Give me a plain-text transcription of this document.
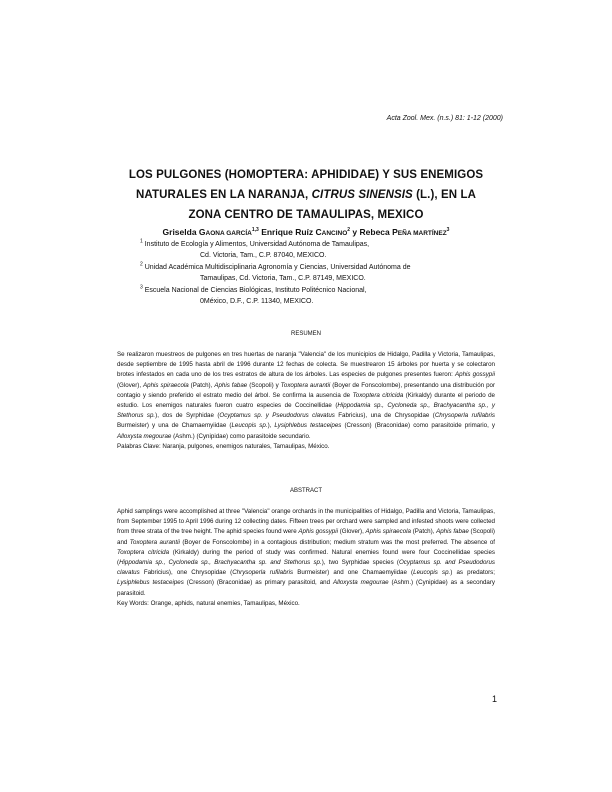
Acta Zool. Mex. (n.s.) 81: 1-12 (2000)
LOS PULGONES (HOMOPTERA: APHIDIDAE) Y SUS ENEMIGOS
NATURALES EN LA NARANJA, CITRUS SINENSIS (L.), EN LA
ZONA CENTRO DE TAMAULIPAS, MEXICO
Griselda GAONA GARCÍA$^{1,3}$ Enrique Ruíz CANCINO$^2$ y Rebeca PEÑA MARTÍNEZ$^3$
$^1$ Instituto de Ecología y Alimentos, Universidad Autónoma de Tamaulipas,
Cd. Victoria, Tam., C.P. 87040, MEXICO.
$^2$ Unidad Académica Multidisciplinaria Agronomía y Ciencias, Universidad Autónoma de
Tamaulipas, Cd. Victoria, Tam., C.P. 87149, MEXICO.
$^3$ Escuela Nacional de Ciencias Biológicas, Instituto Politécnico Nacional,
0México, D.F., C.P. 11340, MEXICO.
RESUMEN

Se realizaron muestreos de pulgones en tres huertas de naranja "Valencia" de los municipios de Hidalgo, Padilla y Victoria, Tamaulipas, desde septiembre de 1995 hasta abril de 1996 durante 12 fechas de colecta. Se muestrearon 15 árboles por huerta y se colectaron brotes infestados en cada uno de los tres estratos de altura de los árboles. Las especies de pulgones presentes fueron: Aphis gossypii (Glover), Aphis spiraecola (Patch), Aphis fabae (Scopoli) y Toxoptera aurantii (Boyer de Fonscolombe), presentando una distribución por contagio y siendo preferido el estrato medio del árbol. Se confirma la ausencia de Toxoptera citricida (Kirkaldy) durante el periodo de estudio. Los enemigos naturales fueron cuatro especies de Coccinellidae (Hippodamia sp., Cycloneda sp., Brachyacantha sp., y Stethorus sp.), dos de Syrphidae (Ocyptamus sp. y Pseudodorus clavatus Fabricius), una de Chrysopidae (Chrysoperla rufilabris Burmeister) y una de Chamaemyiidae (Leucopis sp.), Lysiphlebus testaceipes (Cresson) (Braconidae) como parasitoide primario, y Alloxysta megourae (Ashm.) (Cynipidae) como parasitoide secundario.

Palabras Clave: Naranja, pulgones, enemigos naturales, Tamaulipas, México.

ABSTRACT

Aphid samplings were accomplished at three "Valencia" orange orchards in the municipalities of Hidalgo, Padilla and Victoria, Tamaulipas, from September 1995 to April 1996 during 12 collecting dates. Fifteen trees per orchard were sampled and infested shoots were collected from three strata of the tree height. The aphid species found were Aphis gossypii (Glover), Aphis spiraecola (Patch), Aphis fabae (Scopoli) and Toxoptera aurantii (Boyer de Fonscolombe) in a contagious distribution; medium stratum was the most preferred. The absence of Toxoptera citricida (Kirkaldy) during the period of study was confirmed. Natural enemies found were four Coccinellidae species (Hippodamia sp., Cycloneda sp., Brachyacantha sp. and Stethorus sp.), two Syrphidae species (Ocyptamus sp. and Pseudodorus clavatus Fabricius), one Chrysopidae (Chrysoperla rufilabris Burmeister) and one Chamaemyiidae (Leucopis sp.) as predators; Lysiphlebus testaceipes (Cresson) (Braconidae) as primary parasitoid, and Alloxysta megourae (Ashm.) (Cynipidae) as a secondary parasitoid.

Key Words: Orange, aphids, natural enemies, Tamaulipas, México.

1
